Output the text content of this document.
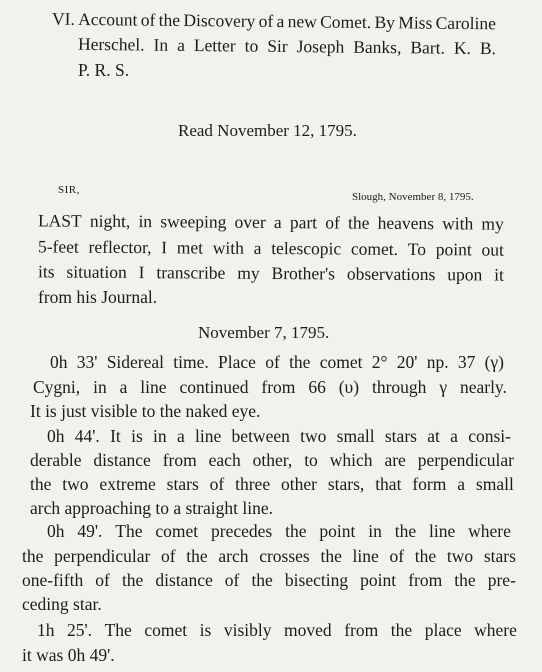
VI. Account of the Discovery of a new Comet. By Miss Caroline
Herschel. In a Letter to Sir Joseph Banks, Bart. K. B.
P. R. S.
Read November 12, 1795.
SIR,
Slough, November 8, 1795.
LAST night, in sweeping over a part of the heavens with my
5-feet reflector, I met with a telescopic comet. To point out
its situation I transcribe my Brother's observations upon it
from his Journal.
November 7, 1795.
0h 33' Sidereal time. Place of the comet 2° 20' np. 37 (γ)
Cygni, in a line continued from 66 (υ) through γ nearly.
It is just visible to the naked eye.
0h 44'. It is in a line between two small stars at a consi-
derable distance from each other, to which are perpendicular
the two extreme stars of three other stars, that form a small
arch approaching to a straight line.
0h 49'. The comet precedes the point in the line where
the perpendicular of the arch crosses the line of the two stars
one-fifth of the distance of the bisecting point from the pre-
ceding star.
1h 25'. The comet is visibly moved from the place where
it was 0h 49'.
